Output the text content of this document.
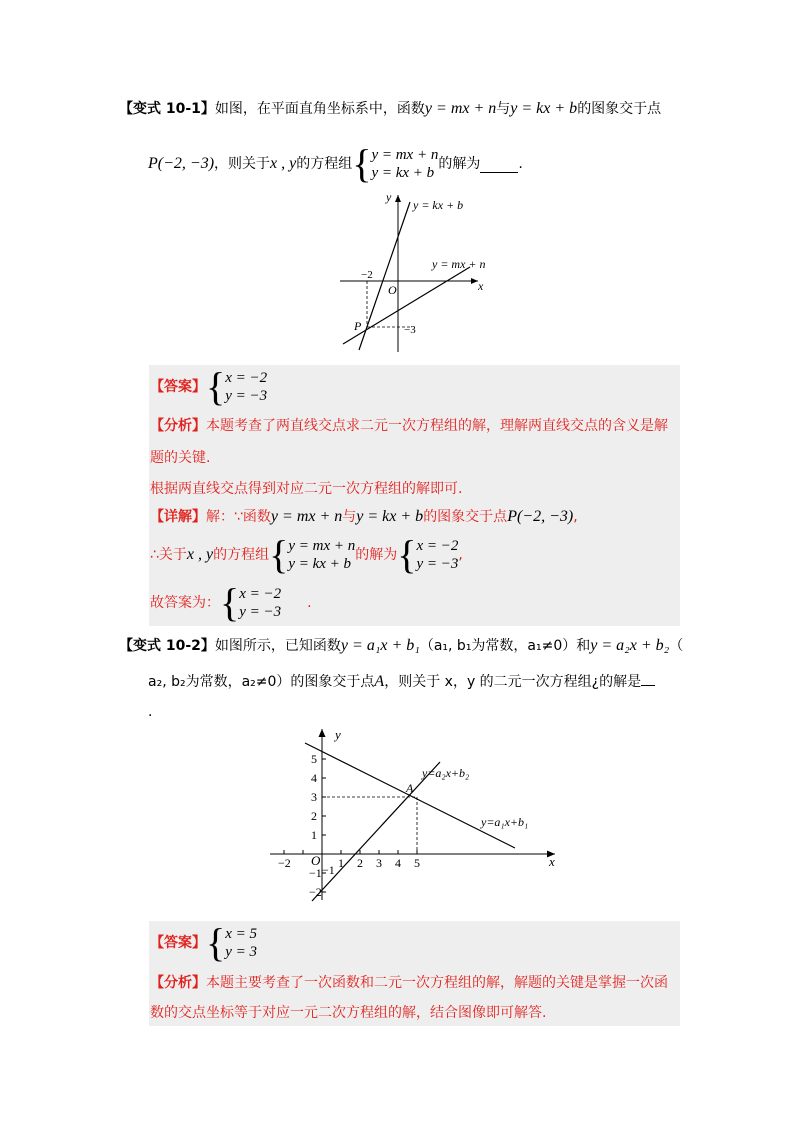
【变式 10-1】如图，在平面直角坐标系中，函数y = mx + n与y = kx + b的图象交于点
P(−2, −3) ，则关于 x , y 的方程组 { y = mx + n
y = kx + b
的解为	.
y = kx + b
y = mx + n
x
y
O
−2
−3
P
【答案】 { x = −2
y = −3
【分析】本题考查了两直线交点求二元一次方程组的解，理解两直线交点的含义是解
题的关键.
根据两直线交点得到对应二元一次方程组的解即可.
【详解】解：∵函数y = mx + n与y = kx + b的图象交于点P(−2, −3),
∴关于 x , y 的方程组 { y = mx + n
y = kx + b
的解为 { x = −2
y = −3
,
故答案为： { x = −2
y = −3
.
【变式 10-2】如图所示，已知函数y = a₁x + b₁（a₁, b₁为常数，a₁≠0）和y = a₂x + b₂（
a₂, b₂为常数，a₂≠0）的图象交于点A，则关于 x，y 的二元一次方程组¿的解是
.
x
y
O
−2	−1 1 2 3 4 5
5
4
3
2
1
−1
−2
y=a₂x+b₂
y=a₁x+b₁
A
【答案】 { x = 5
y = 3
【分析】本题主要考查了一次函数和二元一次方程组的解，解题的关键是掌握一次函
数的交点坐标等于对应一元二次方程组的解，结合图像即可解答.
